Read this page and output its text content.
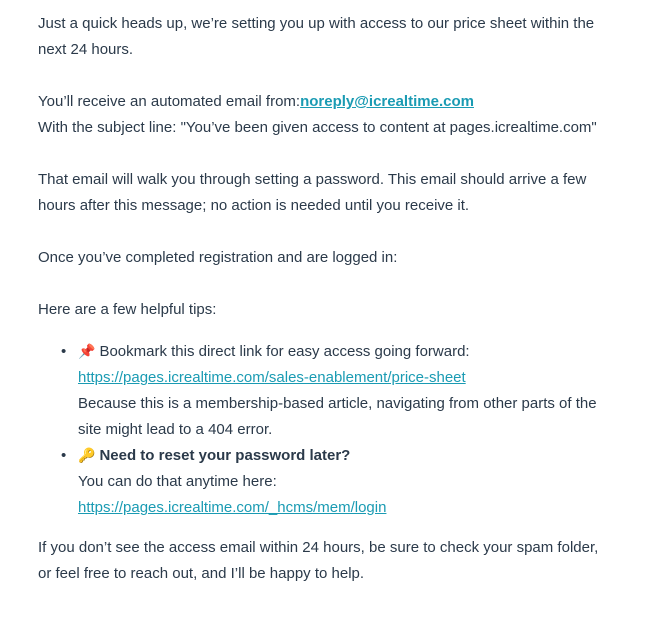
Just a quick heads up, we’re setting you up with access to our price sheet within the next 24 hours.

You’ll receive an automated email from:noreply@icrealtime.com
With the subject line: "You’ve been given access to content at pages.icrealtime.com"

That email will walk you through setting a password. This email should arrive a few hours after this message; no action is needed until you receive it.

Once you’ve completed registration and are logged in:

Here are a few helpful tips:

• 📌 Bookmark this direct link for easy access going forward:
https://pages.icrealtime.com/sales-enablement/price-sheet
Because this is a membership-based article, navigating from other parts of the site might lead to a 404 error.
• 🔑 Need to reset your password later?
You can do that anytime here:
https://pages.icrealtime.com/_hcms/mem/login

If you don’t see the access email within 24 hours, be sure to check your spam folder, or feel free to reach out, and I’ll be happy to help.
